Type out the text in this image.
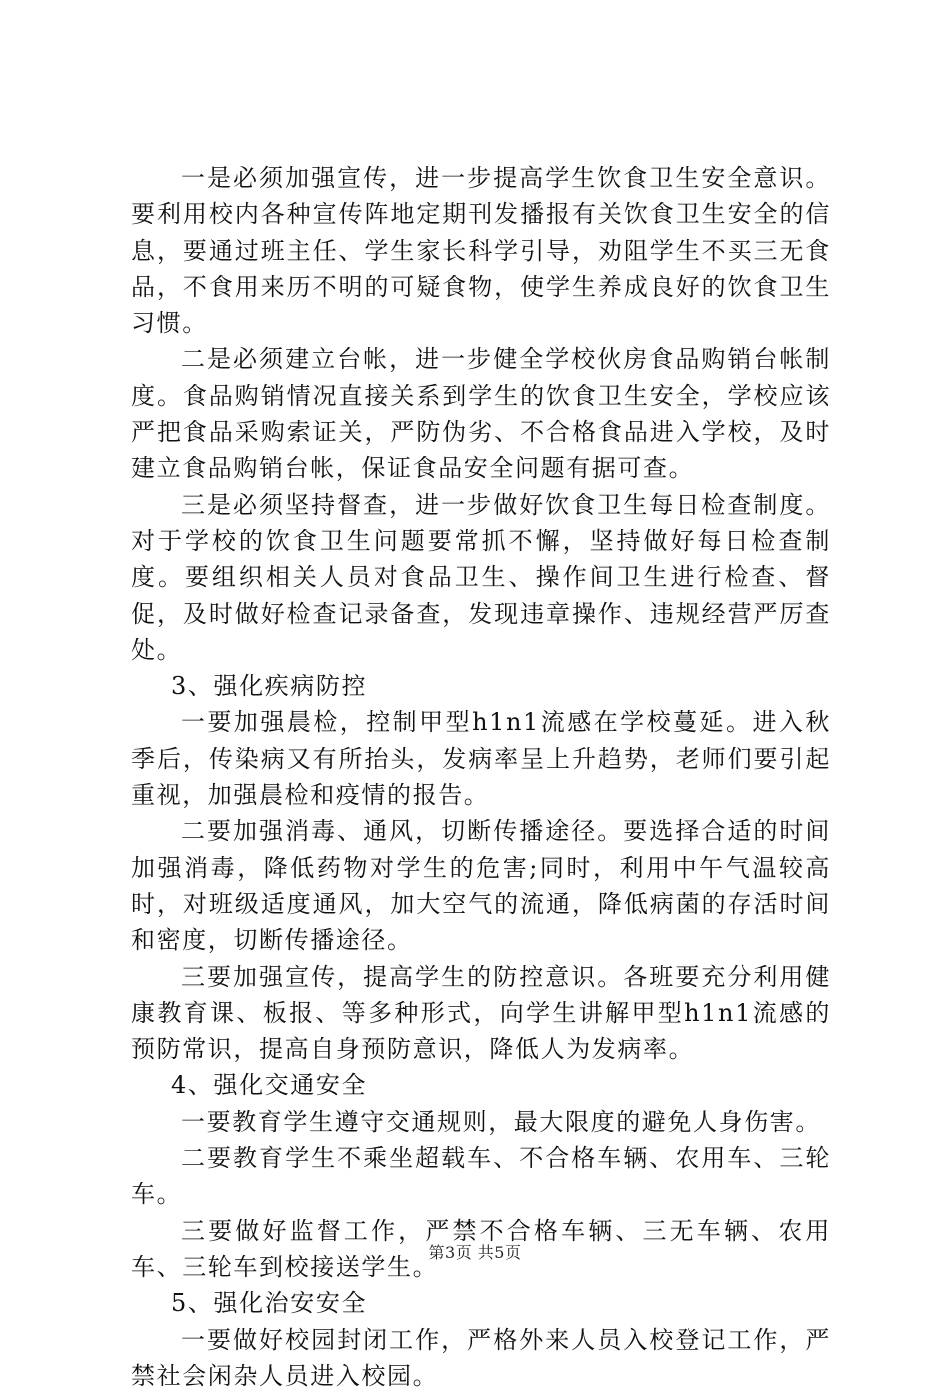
一是必须加强宣传，进一步提高学生饮食卫生安全意识。要利用校内各种宣传阵地定期刊发播报有关饮食卫生安全的信息，要通过班主任、学生家长科学引导，劝阻学生不买三无食品，不食用来历不明的可疑食物，使学生养成良好的饮食卫生习惯。

二是必须建立台帐，进一步健全学校伙房食品购销台帐制度。食品购销情况直接关系到学生的饮食卫生安全，学校应该严把食品采购索证关，严防伪劣、不合格食品进入学校，及时建立食品购销台帐，保证食品安全问题有据可查。

三是必须坚持督查，进一步做好饮食卫生每日检查制度。对于学校的饮食卫生问题要常抓不懈，坚持做好每日检查制度。要组织相关人员对食品卫生、操作间卫生进行检查、督促，及时做好检查记录备查，发现违章操作、违规经营严厉查处。

3、强化疾病防控

一要加强晨检，控制甲型h1n1流感在学校蔓延。进入秋季后，传染病又有所抬头，发病率呈上升趋势，老师们要引起重视，加强晨检和疫情的报告。

二要加强消毒、通风，切断传播途径。要选择合适的时间加强消毒，降低药物对学生的危害;同时，利用中午气温较高时，对班级适度通风，加大空气的流通，降低病菌的存活时间和密度，切断传播途径。

三要加强宣传，提高学生的防控意识。各班要充分利用健康教育课、板报、等多种形式，向学生讲解甲型h1n1流感的预防常识，提高自身预防意识，降低人为发病率。

4、强化交通安全

一要教育学生遵守交通规则，最大限度的避免人身伤害。

二要教育学生不乘坐超载车、不合格车辆、农用车、三轮车。

三要做好监督工作，严禁不合格车辆、三无车辆、农用车、三轮车到校接送学生。

5、强化治安安全

一要做好校园封闭工作，严格外来人员入校登记工作，严禁社会闲杂人员进入校园。

第3页 共5页
